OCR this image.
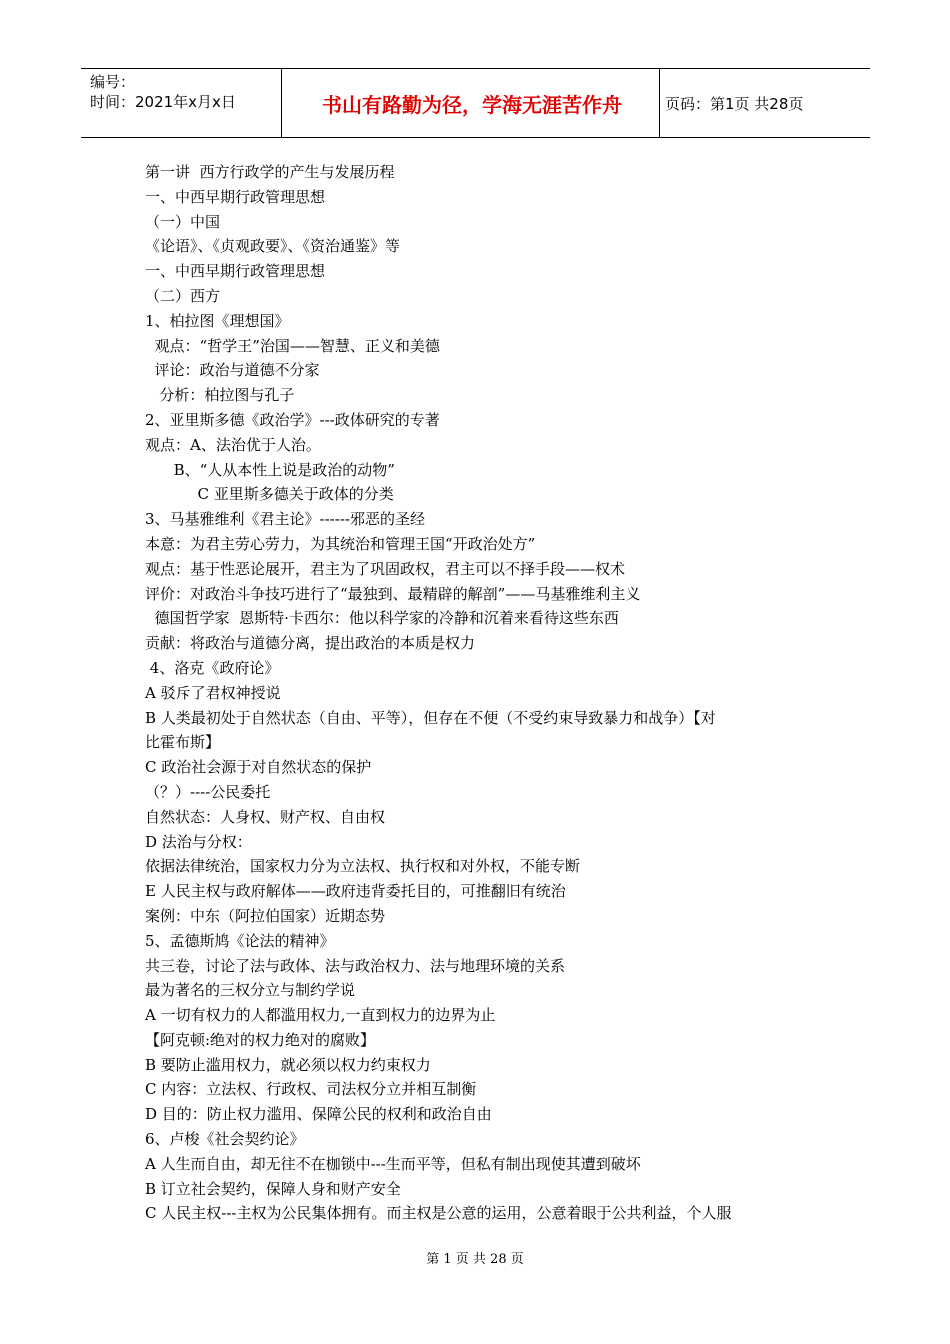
编号：
时间：2021年x月x日	书山有路勤为径，学海无涯苦作舟	页码：第1页 共28页
第一讲  西方行政学的产生与发展历程
一、中西早期行政管理思想
（一）中国
《论语》、《贞观政要》、《资治通鉴》等
一、中西早期行政管理思想
（二）西方
1、柏拉图《理想国》
观点：“哲学王”治国——智慧、正义和美德
评论：政治与道德不分家
分析：柏拉图与孔子
2、亚里斯多德《政治学》---政体研究的专著
观点：A、法治优于人治。
B、“人从本性上说是政治的动物”
C 亚里斯多德关于政体的分类
3、马基雅维利《君主论》------邪恶的圣经
本意：为君主劳心劳力，为其统治和管理王国“开政治处方”
观点：基于性恶论展开，君主为了巩固政权，君主可以不择手段——权术
评价：对政治斗争技巧进行了“最独到、最精辟的解剖”——马基雅维利主义
德国哲学家  恩斯特·卡西尔：他以科学家的冷静和沉着来看待这些东西
贡献：将政治与道德分离，提出政治的本质是权力
4、洛克《政府论》
A 驳斥了君权神授说
B 人类最初处于自然状态（自由、平等），但存在不便（不受约束导致暴力和战争）【对
比霍布斯】
C 政治社会源于对自然状态的保护
（？）----公民委托
自然状态：人身权、财产权、自由权
D 法治与分权：
依据法律统治，国家权力分为立法权、执行权和对外权，不能专断
E 人民主权与政府解体——政府违背委托目的，可推翻旧有统治
案例：中东（阿拉伯国家）近期态势
5、孟德斯鸠《论法的精神》
共三卷，讨论了法与政体、法与政治权力、法与地理环境的关系
最为著名的三权分立与制约学说
A 一切有权力的人都滥用权力,一直到权力的边界为止
【阿克顿:绝对的权力绝对的腐败】
B 要防止滥用权力，就必须以权力约束权力
C 内容：立法权、行政权、司法权分立并相互制衡
D 目的：防止权力滥用、保障公民的权利和政治自由
6、卢梭《社会契约论》
A 人生而自由，却无往不在枷锁中---生而平等，但私有制出现使其遭到破坏
B 订立社会契约，保障人身和财产安全
C 人民主权---主权为公民集体拥有。而主权是公意的运用，公意着眼于公共利益，个人服
第 1 页 共 28 页
